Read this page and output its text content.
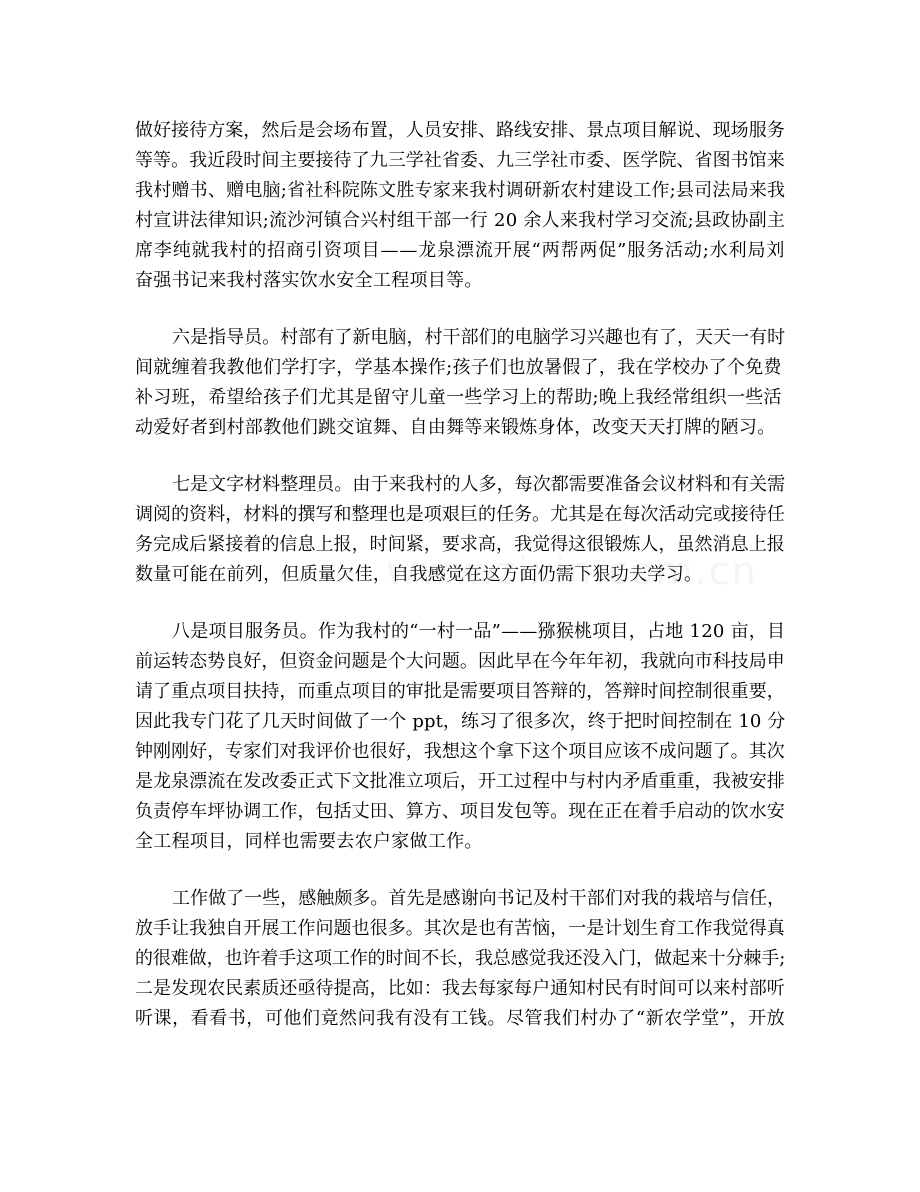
做好接待方案，然后是会场布置，人员安排、路线安排、景点项目解说、现场服务
等等。我近段时间主要接待了九三学社省委、九三学社市委、医学院、省图书馆来
我村赠书、赠电脑;省社科院陈文胜专家来我村调研新农村建设工作;县司法局来我
村宣讲法律知识;流沙河镇合兴村组干部一行 20 余人来我村学习交流;县政协副主
席李纯就我村的招商引资项目——龙泉漂流开展“两帮两促”服务活动;水利局刘
奋强书记来我村落实饮水安全工程项目等。
六是指导员。村部有了新电脑，村干部们的电脑学习兴趣也有了，天天一有时
间就缠着我教他们学打字，学基本操作;孩子们也放暑假了，我在学校办了个免费
补习班，希望给孩子们尤其是留守儿童一些学习上的帮助;晚上我经常组织一些活
动爱好者到村部教他们跳交谊舞、自由舞等来锻炼身体，改变天天打牌的陋习。
七是文字材料整理员。由于来我村的人多，每次都需要准备会议材料和有关需
调阅的资料，材料的撰写和整理也是项艰巨的任务。尤其是在每次活动完或接待任
务完成后紧接着的信息上报，时间紧，要求高，我觉得这很锻炼人，虽然消息上报
数量可能在前列，但质量欠佳，自我感觉在这方面仍需下狠功夫学习。
八是项目服务员。作为我村的“一村一品”——猕猴桃项目，占地 120 亩，目
前运转态势良好，但资金问题是个大问题。因此早在今年年初，我就向市科技局申
请了重点项目扶持，而重点项目的审批是需要项目答辩的，答辩时间控制很重要，
因此我专门花了几天时间做了一个 ppt，练习了很多次，终于把时间控制在 10 分
钟刚刚好，专家们对我评价也很好，我想这个拿下这个项目应该不成问题了。其次
是龙泉漂流在发改委正式下文批准立项后，开工过程中与村内矛盾重重，我被安排
负责停车坪协调工作，包括丈田、算方、项目发包等。现在正在着手启动的饮水安
全工程项目，同样也需要去农户家做工作。
工作做了一些，感触颇多。首先是感谢向书记及村干部们对我的栽培与信任，
放手让我独自开展工作问题也很多。其次是也有苦恼，一是计划生育工作我觉得真
的很难做，也许着手这项工作的时间不长，我总感觉我还没入门，做起来十分棘手;
二是发现农民素质还亟待提高，比如：我去每家每户通知村民有时间可以来村部听
听课，看看书，可他们竟然问我有没有工钱。尽管我们村办了“新农学堂”，开放
